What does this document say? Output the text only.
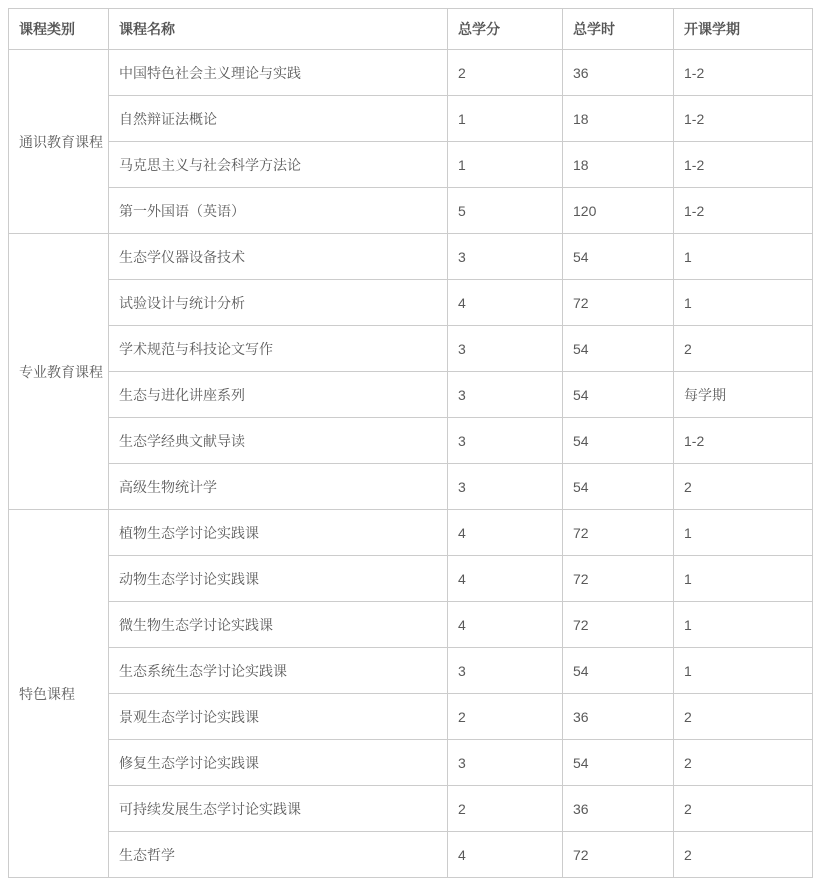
课程类别	课程名称	总学分	总学时	开课学期
通识教育课程	中国特色社会主义理论与实践	2	36	1-2
	自然辩证法概论	1	18	1-2
	马克思主义与社会科学方法论	1	18	1-2
	第一外国语（英语）	5	120	1-2
专业教育课程	生态学仪器设备技术	3	54	1
	试验设计与统计分析	4	72	1
	学术规范与科技论文写作	3	54	2
	生态与进化讲座系列	3	54	每学期
	生态学经典文献导读	3	54	1-2
	高级生物统计学	3	54	2
特色课程	植物生态学讨论实践课	4	72	1
	动物生态学讨论实践课	4	72	1
	微生物生态学讨论实践课	4	72	1
	生态系统生态学讨论实践课	3	54	1
	景观生态学讨论实践课	2	36	2
	修复生态学讨论实践课	3	54	2
	可持续发展生态学讨论实践课	2	36	2
	生态哲学	4	72	2
